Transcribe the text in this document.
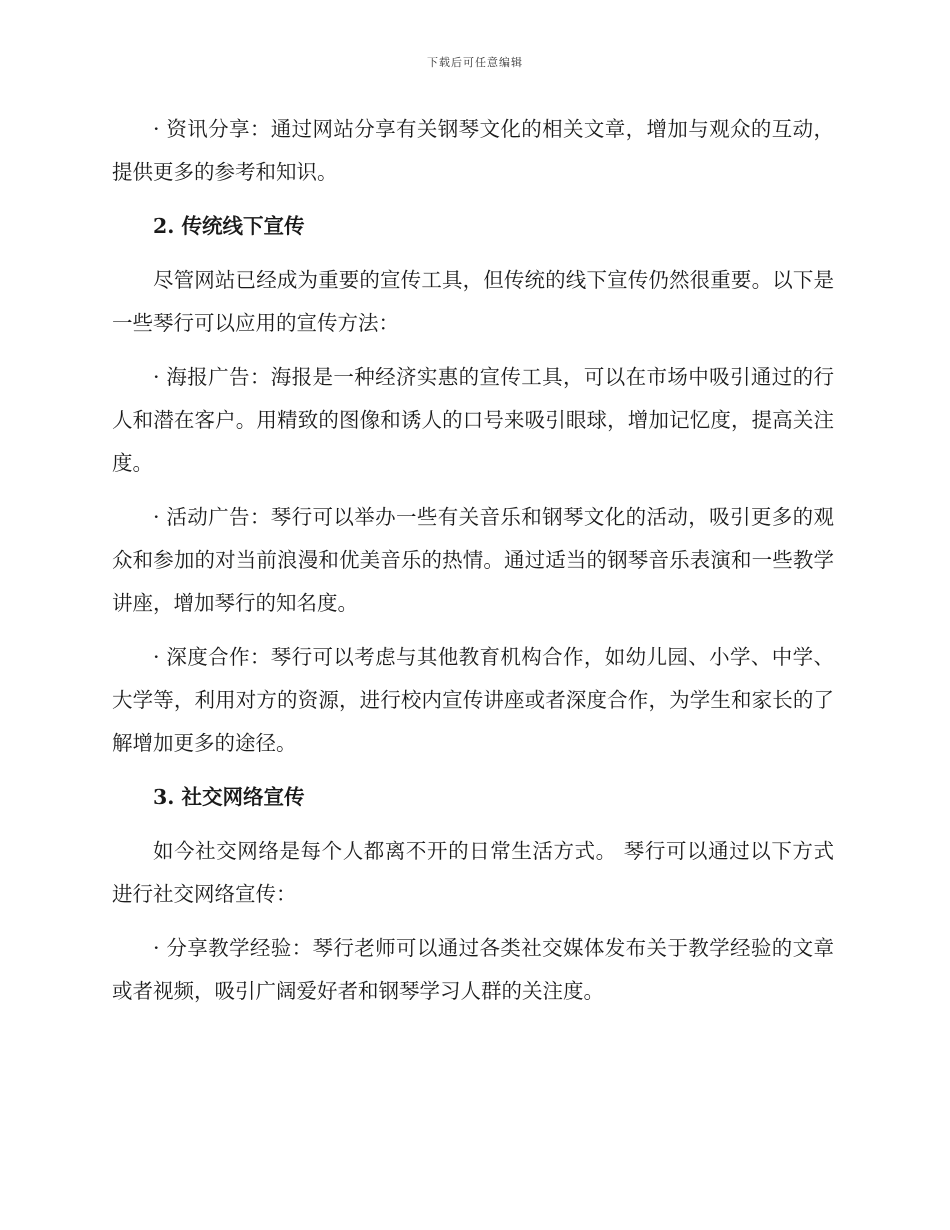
下载后可任意编辑

· 资讯分享：通过网站分享有关钢琴文化的相关文章，增加与观众的互动，提供更多的参考和知识。

2. 传统线下宣传

尽管网站已经成为重要的宣传工具，但传统的线下宣传仍然很重要。以下是一些琴行可以应用的宣传方法：

· 海报广告：海报是一种经济实惠的宣传工具，可以在市场中吸引通过的行人和潜在客户。用精致的图像和诱人的口号来吸引眼球，增加记忆度，提高关注度。

· 活动广告：琴行可以举办一些有关音乐和钢琴文化的活动，吸引更多的观众和参加的对当前浪漫和优美音乐的热情。通过适当的钢琴音乐表演和一些教学讲座，增加琴行的知名度。

· 深度合作：琴行可以考虑与其他教育机构合作，如幼儿园、小学、中学、大学等，利用对方的资源，进行校内宣传讲座或者深度合作，为学生和家长的了解增加更多的途径。

3. 社交网络宣传

如今社交网络是每个人都离不开的日常生活方式。 琴行可以通过以下方式进行社交网络宣传：

· 分享教学经验：琴行老师可以通过各类社交媒体发布关于教学经验的文章或者视频，吸引广阔爱好者和钢琴学习人群的关注度。
